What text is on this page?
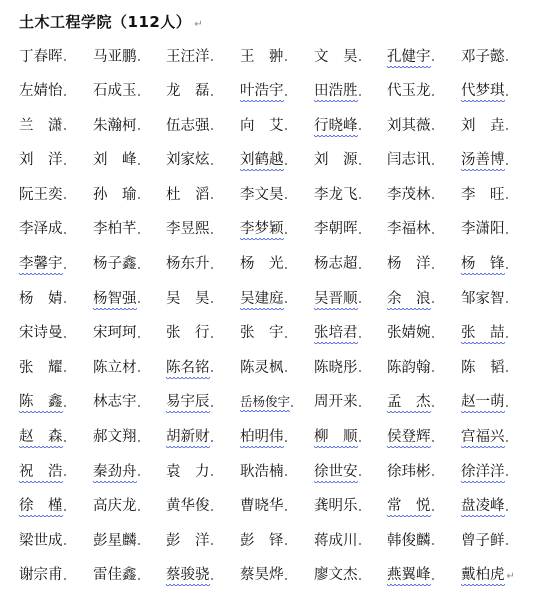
土木工程学院（112人） ↵
丁春晖 马亚鹏 王汪洋 王　翀 文　昊 孔健宇 邓子懿
左婧怡 石成玉 龙　磊 叶浩宇 田浩胜 代玉龙 代梦琪
兰　潇 朱瀚柯 伍志强 向　艾 行晓峰 刘其薇 刘　垚
刘　洋 刘　峰 刘家炫 刘鹤越 刘　源 闫志讯 汤善博
阮王奕 孙　瑜 杜　滔 李文昊 李龙飞 李茂林 李　旺
李泽成 李柏芊 李昱熙 李梦颖 李朝晖 李福林 李潇阳
李馨宇 杨子鑫 杨东升 杨　光 杨志超 杨　洋 杨　锋
杨　婧 杨智强 吴　昊 吴建庭 吴晋顺 余　浪 邹家智
宋诗曼 宋珂珂 张　行 张　宇 张培君 张婧婉 张　喆
张　耀 陈立材 陈名铭 陈灵枫 陈晓彤 陈韵翰 陈　韬
陈　鑫 林志宇 易宇辰 岳杨俊宇 周开来 孟　杰 赵一萌
赵　森 郝文翔 胡新财 柏明伟 柳　顺 侯登辉 宫福兴
祝　浩 秦劲舟 袁　力 耿浩楠 徐世安 徐玮彬 徐洋洋
徐　槿 高庆龙 黄华俊 曹晓华 龚明乐 常　悦 盘凌峰
梁世成 彭星麟 彭　洋 彭　铎 蒋成川 韩俊麟 曾子鲜
谢宗甫 雷佳鑫 蔡骏骁 蔡昊烨 廖文杰 燕翼峰 戴柏虎 ↵
